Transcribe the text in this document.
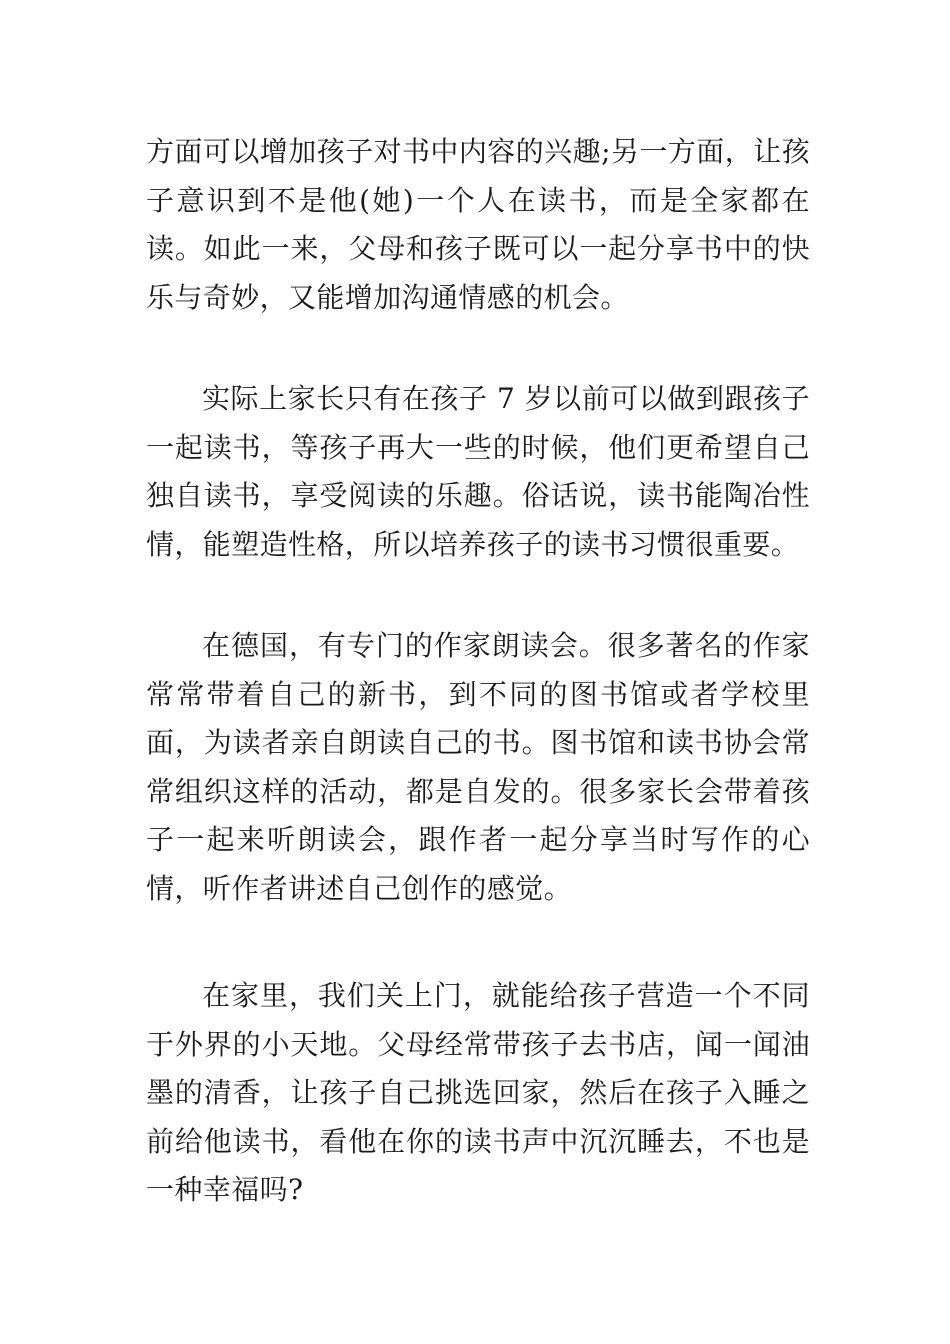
方面可以增加孩子对书中内容的兴趣;另一方面，让孩子意识到不是他(她)一个人在读书，而是全家都在读。如此一来，父母和孩子既可以一起分享书中的快乐与奇妙，又能增加沟通情感的机会。

实际上家长只有在孩子 7 岁以前可以做到跟孩子一起读书，等孩子再大一些的时候，他们更希望自己独自读书，享受阅读的乐趣。俗话说，读书能陶冶性情，能塑造性格，所以培养孩子的读书习惯很重要。

在德国，有专门的作家朗读会。很多著名的作家常常带着自己的新书，到不同的图书馆或者学校里面，为读者亲自朗读自己的书。图书馆和读书协会常常组织这样的活动，都是自发的。很多家长会带着孩子一起来听朗读会，跟作者一起分享当时写作的心情，听作者讲述自己创作的感觉。

在家里，我们关上门，就能给孩子营造一个不同于外界的小天地。父母经常带孩子去书店，闻一闻油墨的清香，让孩子自己挑选回家，然后在孩子入睡之前给他读书，看他在你的读书声中沉沉睡去，不也是一种幸福吗?
